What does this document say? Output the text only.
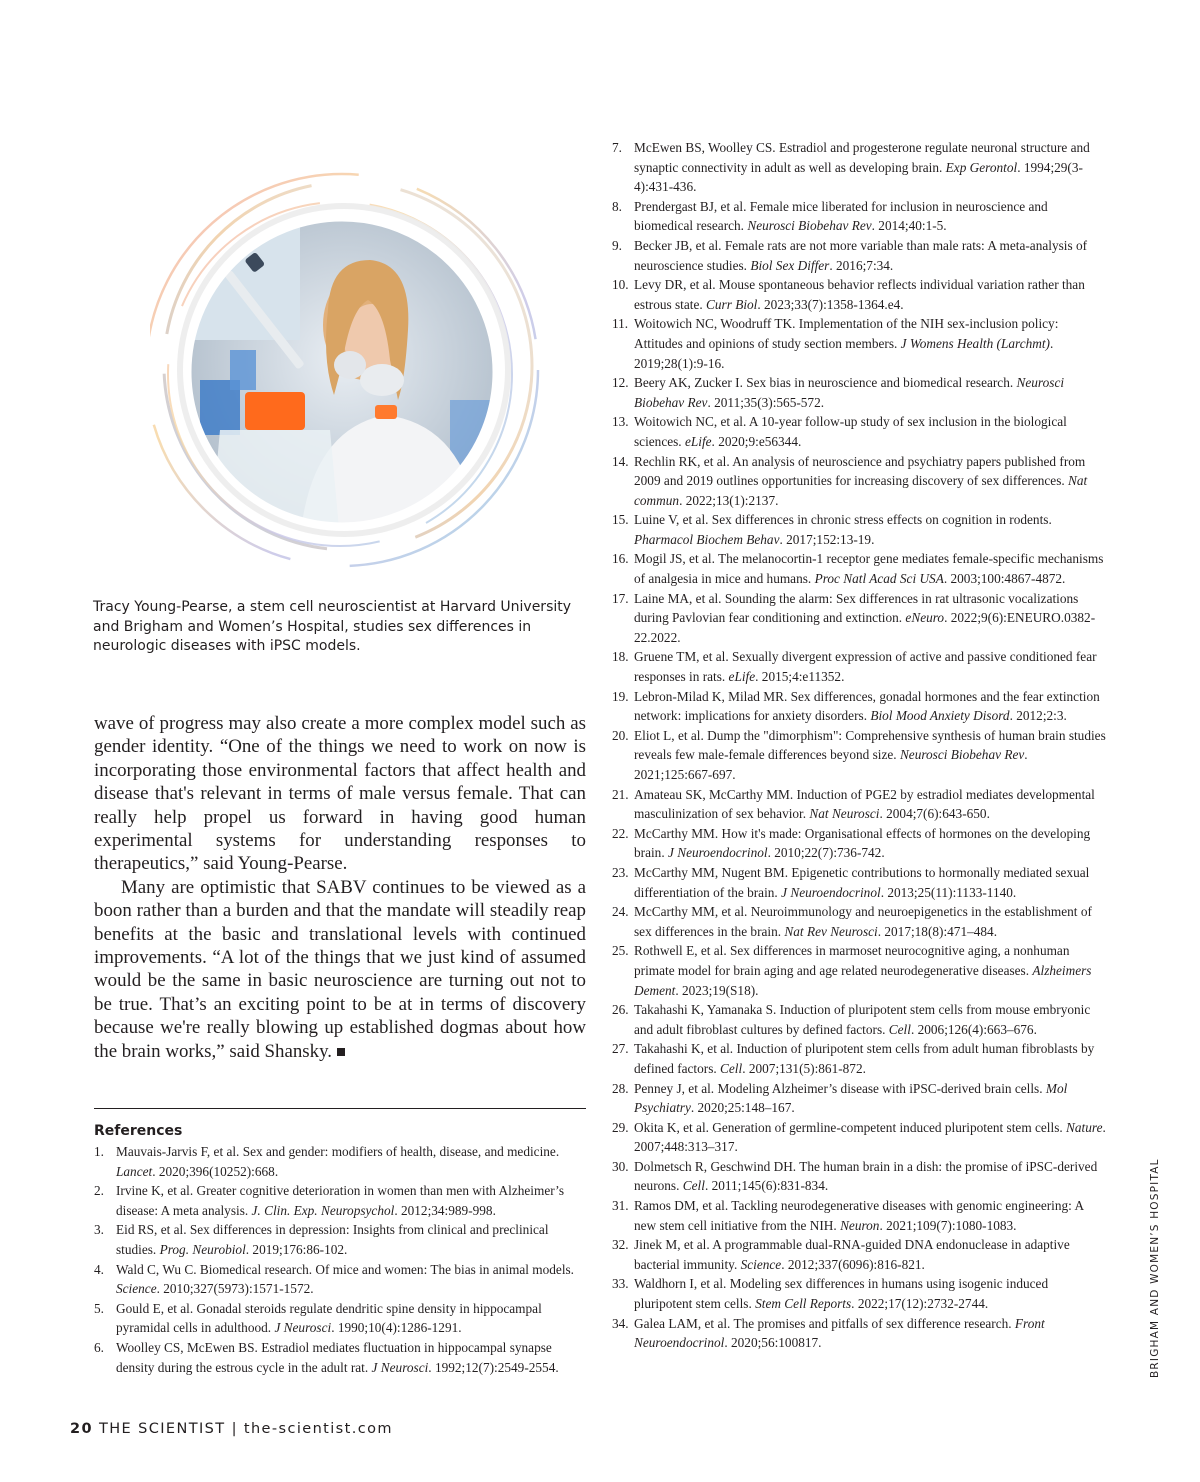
Tracy Young-Pearse, a stem cell neuroscientist at Harvard University and Brigham and Women’s Hospital, studies sex differences in neurologic diseases with iPSC models.

wave of progress may also create a more complex model such as gender identity. “One of the things we need to work on now is incorporating those environmental factors that affect health and disease that's relevant in terms of male versus female. That can really help propel us forward in having good human experimental systems for understanding responses to therapeutics,” said Young-Pearse.

Many are optimistic that SABV continues to be viewed as a boon rather than a burden and that the mandate will steadily reap benefits at the basic and translational levels with continued improvements. “A lot of the things that we just kind of assumed would be the same in basic neuroscience are turning out not to be true. That’s an exciting point to be at in terms of discovery because we're really blowing up established dogmas about how the brain works,” said Shansky.

References
1. Mauvais-Jarvis F, et al. Sex and gender: modifiers of health, disease, and medicine. Lancet. 2020;396(10252):668.
2. Irvine K, et al. Greater cognitive deterioration in women than men with Alzheimer’s disease: A meta analysis. J. Clin. Exp. Neuropsychol. 2012;34:989-998.
3. Eid RS, et al. Sex differences in depression: Insights from clinical and preclinical studies. Prog. Neurobiol. 2019;176:86-102.
4. Wald C, Wu C. Biomedical research. Of mice and women: The bias in animal models. Science. 2010;327(5973):1571-1572.
5. Gould E, et al. Gonadal steroids regulate dendritic spine density in hippocampal pyramidal cells in adulthood. J Neurosci. 1990;10(4):1286-1291.
6. Woolley CS, McEwen BS. Estradiol mediates fluctuation in hippocampal synapse density during the estrous cycle in the adult rat. J Neurosci. 1992;12(7):2549-2554.
7. McEwen BS, Woolley CS. Estradiol and progesterone regulate neuronal structure and synaptic connectivity in adult as well as developing brain. Exp Gerontol. 1994;29(3-4):431-436.
8. Prendergast BJ, et al. Female mice liberated for inclusion in neuroscience and biomedical research. Neurosci Biobehav Rev. 2014;40:1-5.
9. Becker JB, et al. Female rats are not more variable than male rats: A meta-analysis of neuroscience studies. Biol Sex Differ. 2016;7:34.
10. Levy DR, et al. Mouse spontaneous behavior reflects individual variation rather than estrous state. Curr Biol. 2023;33(7):1358-1364.e4.
11. Woitowich NC, Woodruff TK. Implementation of the NIH sex-inclusion policy: Attitudes and opinions of study section members. J Womens Health (Larchmt). 2019;28(1):9-16.
12. Beery AK, Zucker I. Sex bias in neuroscience and biomedical research. Neurosci Biobehav Rev. 2011;35(3):565-572.
13. Woitowich NC, et al. A 10-year follow-up study of sex inclusion in the biological sciences. eLife. 2020;9:e56344.
14. Rechlin RK, et al. An analysis of neuroscience and psychiatry papers published from 2009 and 2019 outlines opportunities for increasing discovery of sex differences. Nat commun. 2022;13(1):2137.
15. Luine V, et al. Sex differences in chronic stress effects on cognition in rodents. Pharmacol Biochem Behav. 2017;152:13-19.
16. Mogil JS, et al. The melanocortin-1 receptor gene mediates female-specific mechanisms of analgesia in mice and humans. Proc Natl Acad Sci USA. 2003;100:4867-4872.
17. Laine MA, et al. Sounding the alarm: Sex differences in rat ultrasonic vocalizations during Pavlovian fear conditioning and extinction. eNeuro. 2022;9(6):ENEURO.0382-22.2022.
18. Gruene TM, et al. Sexually divergent expression of active and passive conditioned fear responses in rats. eLife. 2015;4:e11352.
19. Lebron-Milad K, Milad MR. Sex differences, gonadal hormones and the fear extinction network: implications for anxiety disorders. Biol Mood Anxiety Disord. 2012;2:3.
20. Eliot L, et al. Dump the "dimorphism": Comprehensive synthesis of human brain studies reveals few male-female differences beyond size. Neurosci Biobehav Rev. 2021;125:667-697.
21. Amateau SK, McCarthy MM. Induction of PGE2 by estradiol mediates developmental masculinization of sex behavior. Nat Neurosci. 2004;7(6):643-650.
22. McCarthy MM. How it's made: Organisational effects of hormones on the developing brain. J Neuroendocrinol. 2010;22(7):736-742.
23. McCarthy MM, Nugent BM. Epigenetic contributions to hormonally mediated sexual differentiation of the brain. J Neuroendocrinol. 2013;25(11):1133-1140.
24. McCarthy MM, et al. Neuroimmunology and neuroepigenetics in the establishment of sex differences in the brain. Nat Rev Neurosci. 2017;18(8):471–484.
25. Rothwell E, et al. Sex differences in marmoset neurocognitive aging, a nonhuman primate model for brain aging and age related neurodegenerative diseases. Alzheimers Dement. 2023;19(S18).
26. Takahashi K, Yamanaka S. Induction of pluripotent stem cells from mouse embryonic and adult fibroblast cultures by defined factors. Cell. 2006;126(4):663–676.
27. Takahashi K, et al. Induction of pluripotent stem cells from adult human fibroblasts by defined factors. Cell. 2007;131(5):861-872.
28. Penney J, et al. Modeling Alzheimer’s disease with iPSC-derived brain cells. Mol Psychiatry. 2020;25:148–167.
29. Okita K, et al. Generation of germline-competent induced pluripotent stem cells. Nature. 2007;448:313–317.
30. Dolmetsch R, Geschwind DH. The human brain in a dish: the promise of iPSC-derived neurons. Cell. 2011;145(6):831-834.
31. Ramos DM, et al. Tackling neurodegenerative diseases with genomic engineering: A new stem cell initiative from the NIH. Neuron. 2021;109(7):1080-1083.
32. Jinek M, et al. A programmable dual-RNA-guided DNA endonuclease in adaptive bacterial immunity. Science. 2012;337(6096):816-821.
33. Waldhorn I, et al. Modeling sex differences in humans using isogenic induced pluripotent stem cells. Stem Cell Reports. 2022;17(12):2732-2744.
34. Galea LAM, et al. The promises and pitfalls of sex difference research. Front Neuroendocrinol. 2020;56:100817.
20 THE SCIENTIST | the-scientist.com
BRIGHAM AND WOMEN’S HOSPITAL
